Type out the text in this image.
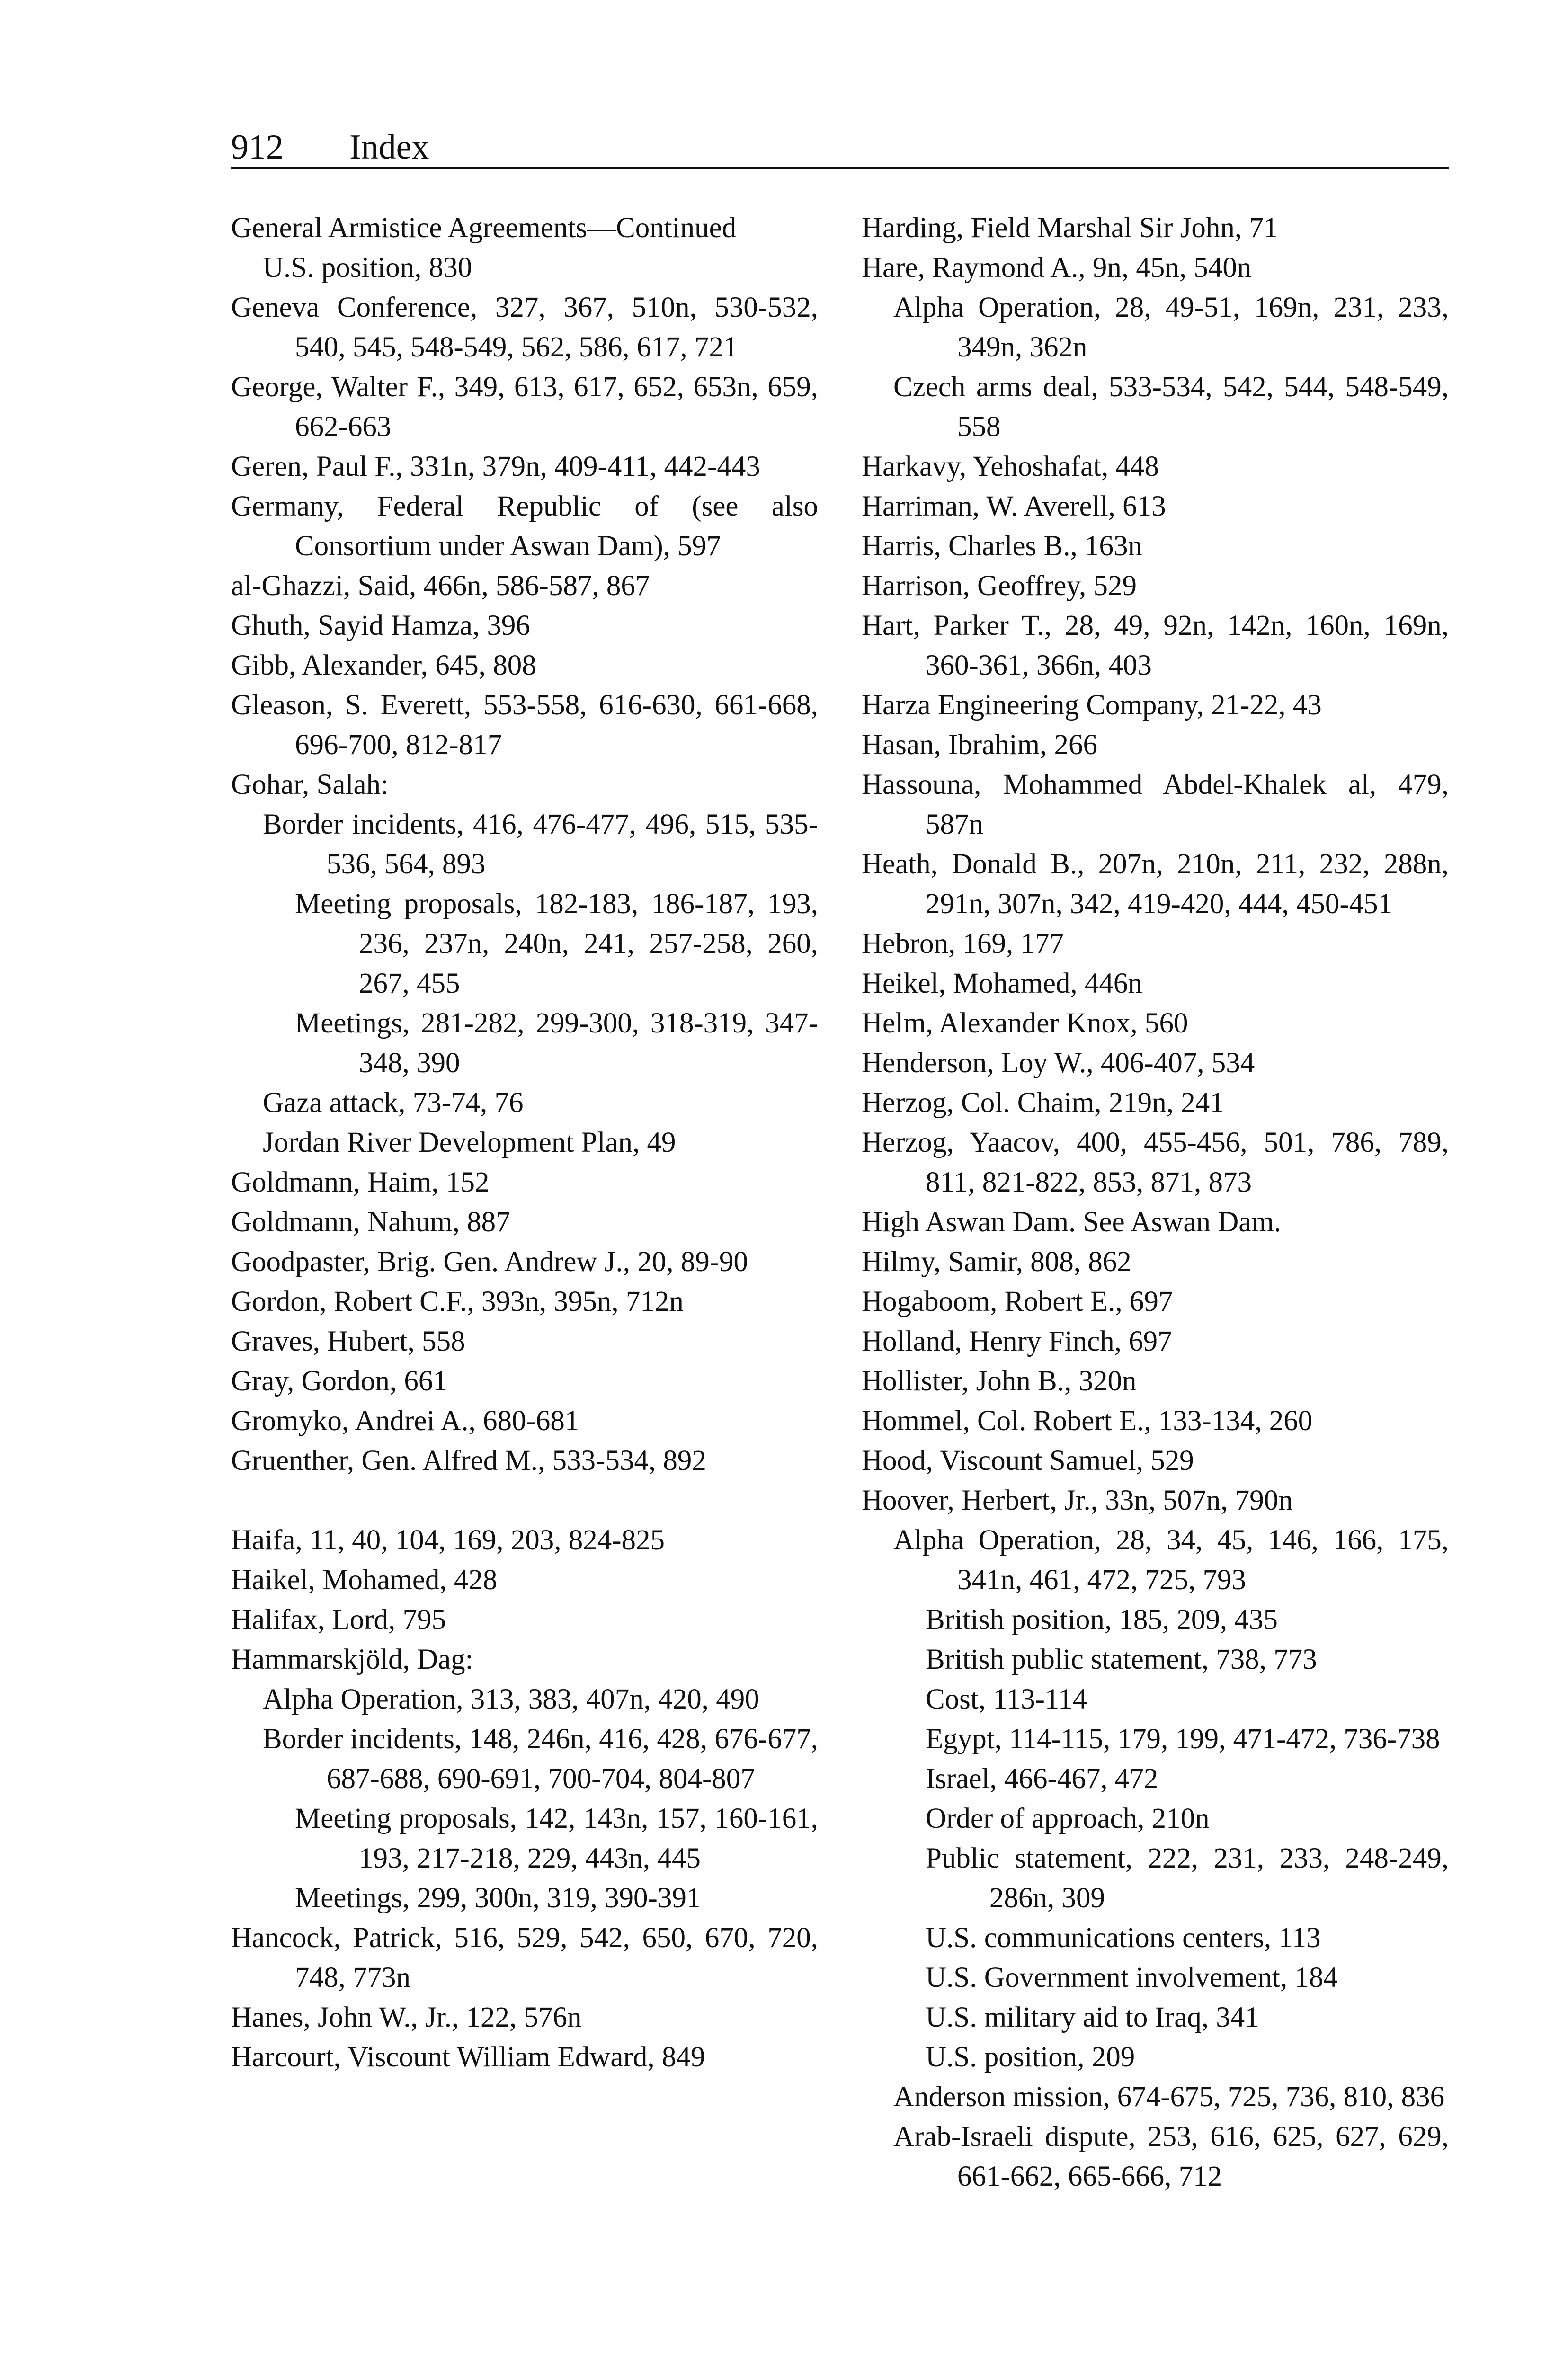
912 Index
General Armistice Agreements—Continued
U.S. position, 830
Geneva Conference, 327, 367, 510n, 530-532, 540, 545, 548-549, 562, 586, 617, 721
George, Walter F., 349, 613, 617, 652, 653n, 659, 662-663
Geren, Paul F., 331n, 379n, 409-411, 442-443
Germany, Federal Republic of (see also Consortium under Aswan Dam), 597
al-Ghazzi, Said, 466n, 586-587, 867
Ghuth, Sayid Hamza, 396
Gibb, Alexander, 645, 808
Gleason, S. Everett, 553-558, 616-630, 661-668, 696-700, 812-817
Gohar, Salah:
Border incidents, 416, 476-477, 496, 515, 535-536, 564, 893
Meeting proposals, 182-183, 186-187, 193, 236, 237n, 240n, 241, 257-258, 260, 267, 455
Meetings, 281-282, 299-300, 318-319, 347-348, 390
Gaza attack, 73-74, 76
Jordan River Development Plan, 49
Goldmann, Haim, 152
Goldmann, Nahum, 887
Goodpaster, Brig. Gen. Andrew J., 20, 89-90
Gordon, Robert C.F., 393n, 395n, 712n
Graves, Hubert, 558
Gray, Gordon, 661
Gromyko, Andrei A., 680-681
Gruenther, Gen. Alfred M., 533-534, 892
Haifa, 11, 40, 104, 169, 203, 824-825
Haikel, Mohamed, 428
Halifax, Lord, 795
Hammarskjöld, Dag:
Alpha Operation, 313, 383, 407n, 420, 490
Border incidents, 148, 246n, 416, 428, 676-677, 687-688, 690-691, 700-704, 804-807
Meeting proposals, 142, 143n, 157, 160-161, 193, 217-218, 229, 443n, 445
Meetings, 299, 300n, 319, 390-391
Hancock, Patrick, 516, 529, 542, 650, 670, 720, 748, 773n
Hanes, John W., Jr., 122, 576n
Harcourt, Viscount William Edward, 849
Harding, Field Marshal Sir John, 71
Hare, Raymond A., 9n, 45n, 540n
Alpha Operation, 28, 49-51, 169n, 231, 233, 349n, 362n
Czech arms deal, 533-534, 542, 544, 548-549, 558
Harkavy, Yehoshafat, 448
Harriman, W. Averell, 613
Harris, Charles B., 163n
Harrison, Geoffrey, 529
Hart, Parker T., 28, 49, 92n, 142n, 160n, 169n, 360-361, 366n, 403
Harza Engineering Company, 21-22, 43
Hasan, Ibrahim, 266
Hassouna, Mohammed Abdel-Khalek al, 479, 587n
Heath, Donald B., 207n, 210n, 211, 232, 288n, 291n, 307n, 342, 419-420, 444, 450-451
Hebron, 169, 177
Heikel, Mohamed, 446n
Helm, Alexander Knox, 560
Henderson, Loy W., 406-407, 534
Herzog, Col. Chaim, 219n, 241
Herzog, Yaacov, 400, 455-456, 501, 786, 789, 811, 821-822, 853, 871, 873
High Aswan Dam. See Aswan Dam.
Hilmy, Samir, 808, 862
Hogaboom, Robert E., 697
Holland, Henry Finch, 697
Hollister, John B., 320n
Hommel, Col. Robert E., 133-134, 260
Hood, Viscount Samuel, 529
Hoover, Herbert, Jr., 33n, 507n, 790n
Alpha Operation, 28, 34, 45, 146, 166, 175, 341n, 461, 472, 725, 793
British position, 185, 209, 435
British public statement, 738, 773
Cost, 113-114
Egypt, 114-115, 179, 199, 471-472, 736-738
Israel, 466-467, 472
Order of approach, 210n
Public statement, 222, 231, 233, 248-249, 286n, 309
U.S. communications centers, 113
U.S. Government involvement, 184
U.S. military aid to Iraq, 341
U.S. position, 209
Anderson mission, 674-675, 725, 736, 810, 836
Arab-Israeli dispute, 253, 616, 625, 627, 629, 661-662, 665-666, 712
